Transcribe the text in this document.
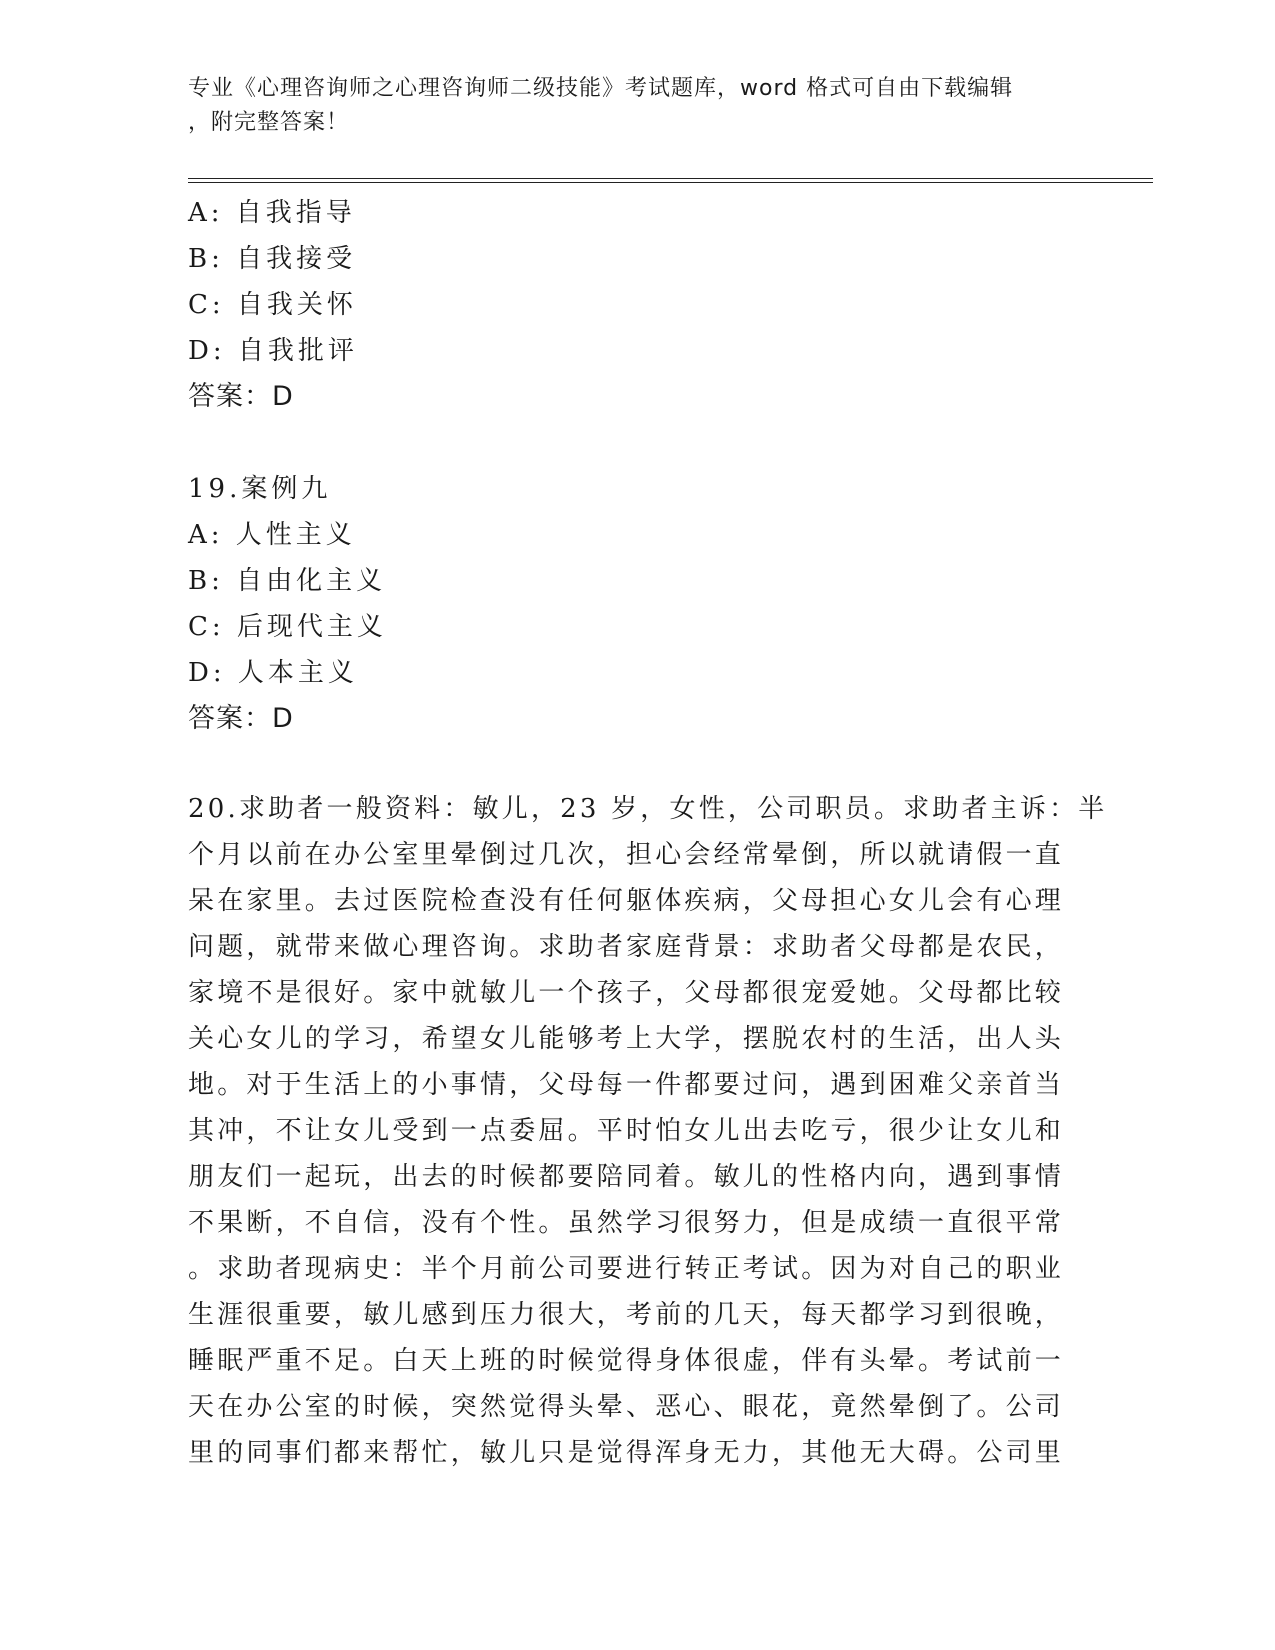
专业《心理咨询师之心理咨询师二级技能》考试题库，word 格式可自由下载编辑
，附完整答案！
A: 自我指导
B: 自我接受
C: 自我关怀
D: 自我批评
答案：D
19.案例九
A: 人性主义
B: 自由化主义
C: 后现代主义
D: 人本主义
答案：D
20.求助者一般资料：敏儿，23 岁，女性，公司职员。求助者主诉：半
个月以前在办公室里晕倒过几次，担心会经常晕倒，所以就请假一直
呆在家里。去过医院检查没有任何躯体疾病，父母担心女儿会有心理
问题，就带来做心理咨询。求助者家庭背景：求助者父母都是农民，
家境不是很好。家中就敏儿一个孩子，父母都很宠爱她。父母都比较
关心女儿的学习，希望女儿能够考上大学，摆脱农村的生活，出人头
地。对于生活上的小事情，父母每一件都要过问，遇到困难父亲首当
其冲，不让女儿受到一点委屈。平时怕女儿出去吃亏，很少让女儿和
朋友们一起玩，出去的时候都要陪同着。敏儿的性格内向，遇到事情
不果断，不自信，没有个性。虽然学习很努力，但是成绩一直很平常
。求助者现病史：半个月前公司要进行转正考试。因为对自己的职业
生涯很重要，敏儿感到压力很大，考前的几天，每天都学习到很晚，
睡眠严重不足。白天上班的时候觉得身体很虚，伴有头晕。考试前一
天在办公室的时候，突然觉得头晕、恶心、眼花，竟然晕倒了。公司
里的同事们都来帮忙，敏儿只是觉得浑身无力，其他无大碍。公司里
